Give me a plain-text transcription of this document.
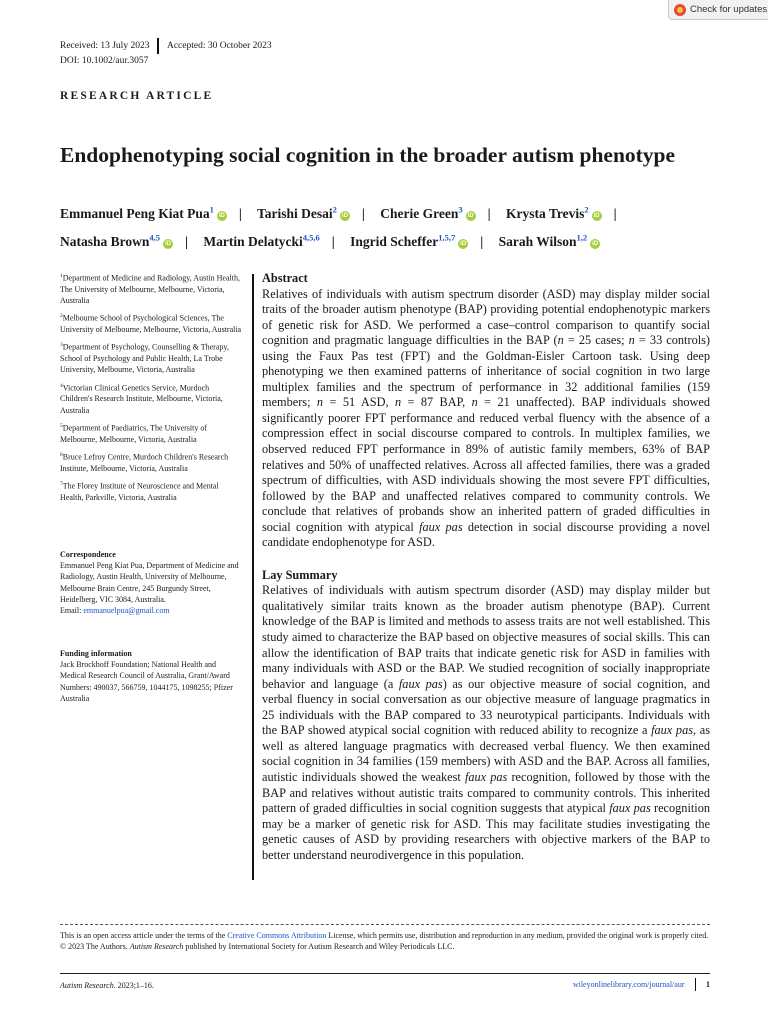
Check for updates
Received: 13 July 2023 Accepted: 30 October 2023
DOI: 10.1002/aur.3057
RESEARCH ARTICLE
Endophenotyping social cognition in the broader autism phenotype
Emmanuel Peng Kiat Pua$^1$iD | Tarishi Desai$^2$iD | Cherie Green$^3$iD | Krysta Trevis$^2$iD |
Natasha Brown$^{4,5}$iD | Martin Delatycki$^{4,5,6}$ | Ingrid Scheffer$^{1,5,7}$iD | Sarah Wilson$^{1,2}$iD

$^1$Department of Medicine and Radiology, Austin Health, The University of Melbourne, Melbourne, Victoria, Australia

$^2$Melbourne School of Psychological Sciences, The University of Melbourne, Melbourne, Victoria, Australia

$^3$Department of Psychology, Counselling & Therapy, School of Psychology and Public Health, La Trobe University, Melbourne, Victoria, Australia

$^4$Victorian Clinical Genetics Service, Murdoch Children's Research Institute, Melbourne, Victoria, Australia

$^5$Department of Paediatrics, The University of Melbourne, Melbourne, Victoria, Australia

$^6$Bruce Lefroy Centre, Murdoch Children's Research Institute, Melbourne, Victoria, Australia

$^7$The Florey Institute of Neuroscience and Mental Health, Parkville, Victoria, Australia

Correspondence

Emmanuel Peng Kiat Pua, Department of Medicine and Radiology, Austin Health, University of Melbourne, Melbourne Brain Centre, 245 Burgundy Street, Heidelberg, VIC 3084, Australia.
Email: emmanuelpua@gmail.com

Funding information

Jack Brockhoff Foundation; National Health and Medical Research Council of Australia, Grant/Award Numbers: 490037, 566759, 1044175, 1098255; Pfizer Australia
Abstract

Relatives of individuals with autism spectrum disorder (ASD) may display milder social traits of the broader autism phenotype (BAP) providing potential endophenotypic markers of genetic risk for ASD. We performed a case–control comparison to quantify social cognition and pragmatic language difficulties in the BAP (n = 25 cases; n = 33 controls) using the Faux Pas test (FPT) and the Goldman-Eisler Cartoon task. Using deep phenotyping we then examined patterns of inheritance of social cognition in two large multiplex families and the spectrum of performance in 32 additional families (159 members; n = 51 ASD, n = 87 BAP, n = 21 unaffected). BAP individuals showed significantly poorer FPT performance and reduced verbal fluency with the absence of a compression effect in social discourse compared to controls. In multiplex families, we observed reduced FPT performance in 89% of autistic family members, 63% of BAP relatives and 50% of unaffected relatives. Across all affected families, there was a graded spectrum of difficulties, with ASD individuals showing the most severe FPT difficulties, followed by the BAP and unaffected relatives compared to community controls. We conclude that relatives of probands show an inherited pattern of graded difficulties in social cognition with atypical faux pas detection in social discourse providing a novel candidate endophenotype for ASD.

Lay Summary

Relatives of individuals with autism spectrum disorder (ASD) may display milder but qualitatively similar traits known as the broader autism phenotype (BAP). Current knowledge of the BAP is limited and methods to assess traits are not well established. This study aimed to characterize the BAP based on objective measures of social skills. This can allow the identification of BAP traits that indicate genetic risk for ASD in families with many individuals with ASD or the BAP. We studied recognition of socially inappropriate behavior and language (a faux pas) as our objective measure of social cognition, and verbal fluency in social conversation as our objective measure of language pragmatics in 25 individuals with the BAP compared to 33 neurotypical participants. Individuals with the BAP showed atypical social cognition with reduced ability to recognize a faux pas, as well as altered language pragmatics with decreased verbal fluency. We then examined social cognition in 34 families (159 members) with ASD and the BAP. Across all families, autistic individuals showed the weakest faux pas recognition, followed by those with the BAP and relatives without autistic traits compared to community controls. This inherited pattern of graded difficulties in social cognition suggests that atypical faux pas recognition may be a marker of genetic risk for ASD. This may facilitate studies investigating the genetic causes of ASD by providing researchers with objective markers of the BAP to better understand neurodivergence in this population.

This is an open access article under the terms of the Creative Commons Attribution License, which permits use, distribution and reproduction in any medium, provided the original work is properly cited.

© 2023 The Authors. Autism Research published by International Society for Autism Research and Wiley Periodicals LLC.

Autism Research. 2023;1–16.	wileyonlinelibrary.com/journal/aur	1
